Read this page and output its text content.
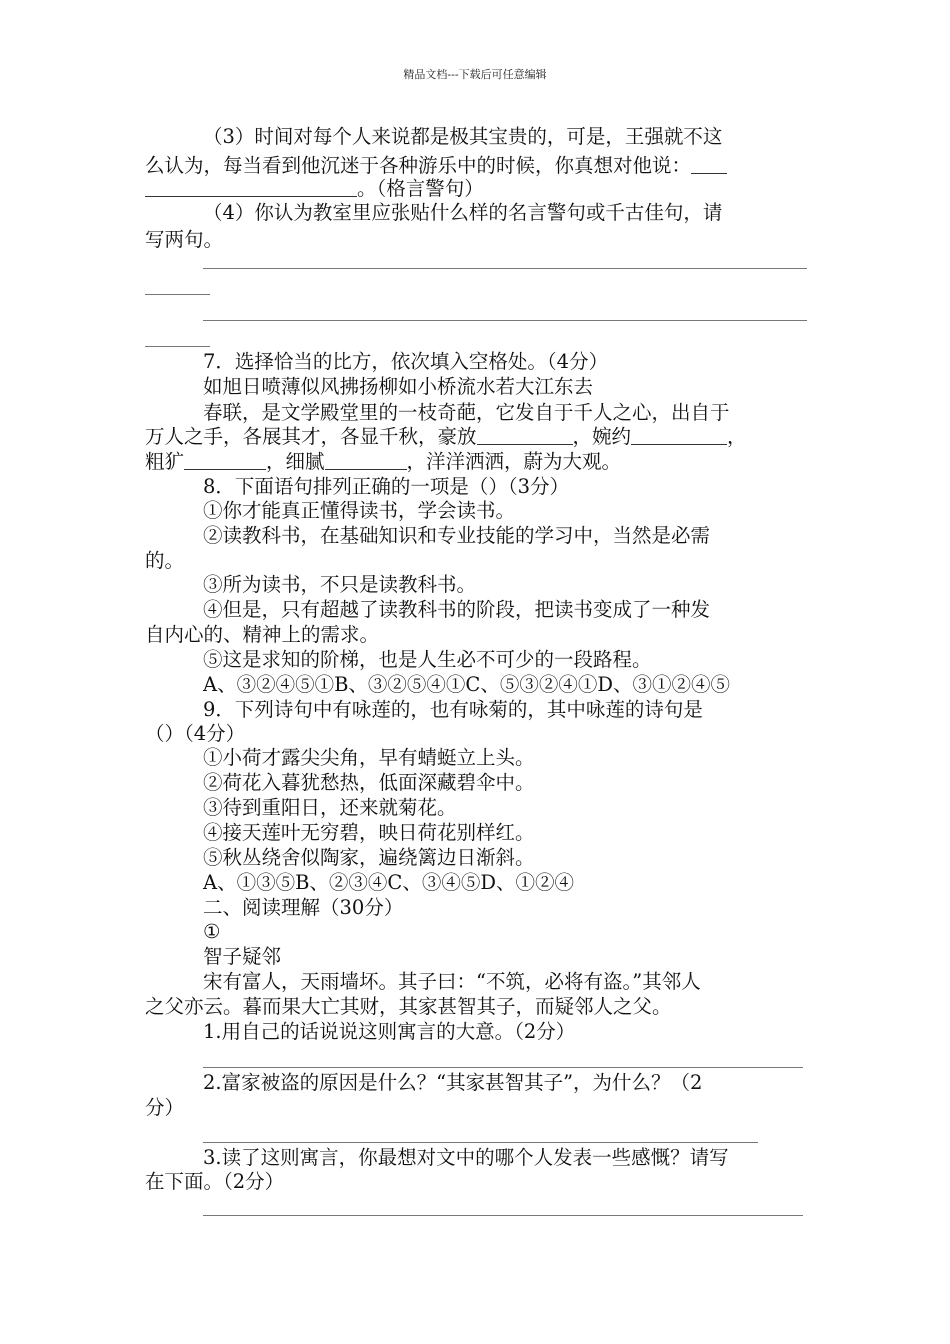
精品文档---下载后可任意编辑
（3）时间对每个人来说都是极其宝贵的，可是，王强就不这
么认为，每当看到他沉迷于各种游乐中的时候，你真想对他说：
。（格言警句）
（4）你认为教室里应张贴什么样的名言警句或千古佳句，请
写两句。
7．选择恰当的比方，依次填入空格处。（4分）
如旭日喷薄似风拂扬柳如小桥流水若大江东去
春联，是文学殿堂里的一枝奇葩，它发自于千人之心，出自于
万人之手，各展其才，各显千秋，豪放	，婉约	，
粗犷	，细腻	，洋洋洒洒，蔚为大观。
8．下面语句排列正确的一项是（）（3分）
①你才能真正懂得读书，学会读书。
②读教科书，在基础知识和专业技能的学习中，当然是必需
的。
③所为读书，不只是读教科书。
④但是，只有超越了读教科书的阶段，把读书变成了一种发
自内心的、精神上的需求。
⑤这是求知的阶梯，也是人生必不可少的一段路程。
A、③②④⑤①B、③②⑤④①C、⑤③②④①D、③①②④⑤
9．下列诗句中有咏莲的，也有咏菊的，其中咏莲的诗句是
（）（4分）
①小荷才露尖尖角，早有蜻蜓立上头。
②荷花入暮犹愁热，低面深藏碧伞中。
③待到重阳日，还来就菊花。
④接天莲叶无穷碧，映日荷花别样红。
⑤秋丛绕舍似陶家，遍绕篱边日渐斜。
A、①③⑤B、②③④C、③④⑤D、①②④
二、阅读理解（30分）
①
智子疑邻
宋有富人，天雨墙坏。其子曰：“不筑，必将有盗。”其邻人
之父亦云。暮而果大亡其财，其家甚智其子，而疑邻人之父。
1.用自己的话说说这则寓言的大意。（2分）
2.富家被盗的原因是什么？“其家甚智其子”，为什么？（2
分）
3.读了这则寓言，你最想对文中的哪个人发表一些感慨？请写
在下面。（2分）
